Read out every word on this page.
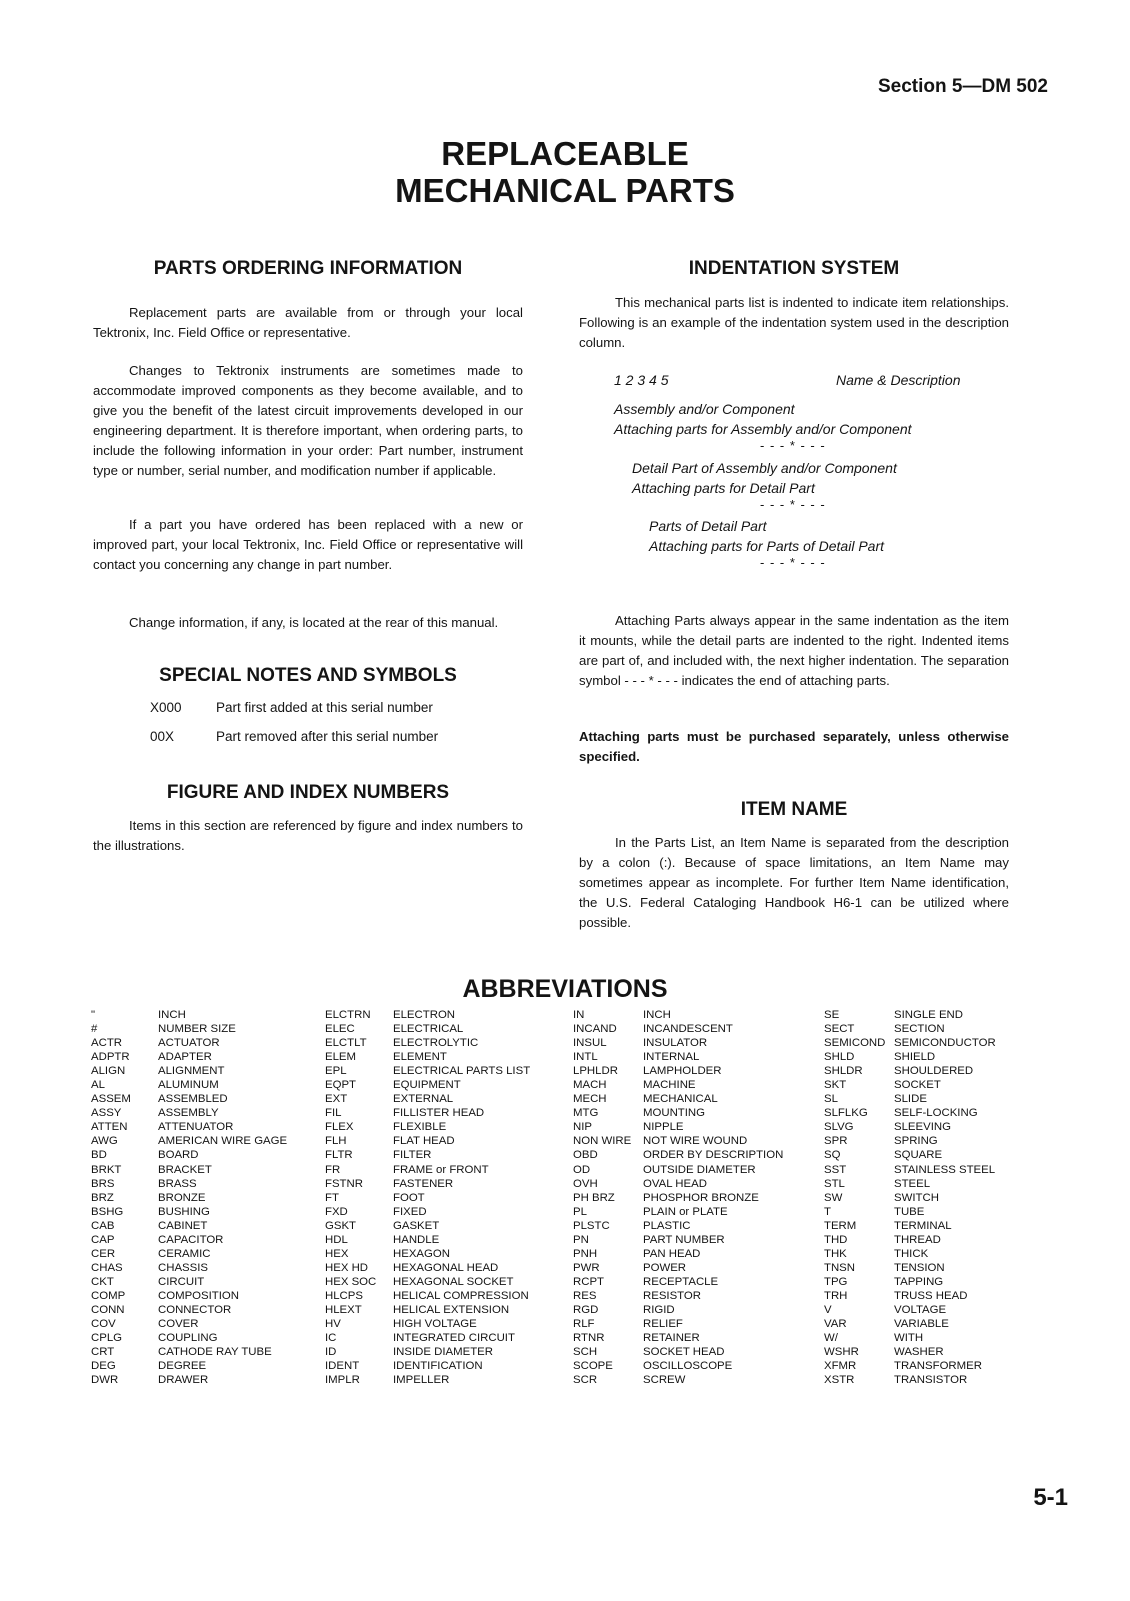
Section 5—DM 502
REPLACEABLE
MECHANICAL PARTS
PARTS ORDERING INFORMATION

Replacement parts are available from or through your local Tektronix, Inc. Field Office or representative.

Changes to Tektronix instruments are sometimes made to accommodate improved components as they become available, and to give you the benefit of the latest circuit improvements developed in our engineering department. It is therefore important, when ordering parts, to include the following information in your order: Part number, instrument type or number, serial number, and modification number if applicable.

If a part you have ordered has been replaced with a new or improved part, your local Tektronix, Inc. Field Office or representative will contact you concerning any change in part number.

Change information, if any, is located at the rear of this manual.

SPECIAL NOTES AND SYMBOLS
X000	Part first added at this serial number
00X	Part removed after this serial number
FIGURE AND INDEX NUMBERS

Items in this section are referenced by figure and index numbers to the illustrations.

INDENTATION SYSTEM

This mechanical parts list is indented to indicate item relationships. Following is an example of the indentation system used in the description column.

1 2 3 4 5	Name & Description
Assembly and/or Component
Attaching parts for Assembly and/or Component
- - - * - - -
Detail Part of Assembly and/or Component
Attaching parts for Detail Part
- - - * - - -
Parts of Detail Part
Attaching parts for Parts of Detail Part
- - - * - - -

Attaching Parts always appear in the same indentation as the item it mounts, while the detail parts are indented to the right. Indented items are part of, and included with, the next higher indentation. The separation symbol - - - * - - - indicates the end of attaching parts.

Attaching parts must be purchased separately, unless otherwise specified.

ITEM NAME

In the Parts List, an Item Name is separated from the description by a colon (:). Because of space limitations, an Item Name may sometimes appear as incomplete. For further Item Name identification, the U.S. Federal Cataloging Handbook H6-1 can be utilized where possible.

ABBREVIATIONS
"	INCH
#	NUMBER SIZE
ACTR	ACTUATOR
ADPTR	ADAPTER
ALIGN	ALIGNMENT
AL	ALUMINUM
ASSEM	ASSEMBLED
ASSY	ASSEMBLY
ATTEN	ATTENUATOR
AWG	AMERICAN WIRE GAGE
BD	BOARD
BRKT	BRACKET
BRS	BRASS
BRZ	BRONZE
BSHG	BUSHING
CAB	CABINET
CAP	CAPACITOR
CER	CERAMIC
CHAS	CHASSIS
CKT	CIRCUIT
COMP	COMPOSITION
CONN	CONNECTOR
COV	COVER
CPLG	COUPLING
CRT	CATHODE RAY TUBE
DEG	DEGREE
DWR	DRAWER
ELCTRN	ELECTRON
ELEC	ELECTRICAL
ELCTLT	ELECTROLYTIC
ELEM	ELEMENT
EPL	ELECTRICAL PARTS LIST
EQPT	EQUIPMENT
EXT	EXTERNAL
FIL	FILLISTER HEAD
FLEX	FLEXIBLE
FLH	FLAT HEAD
FLTR	FILTER
FR	FRAME or FRONT
FSTNR	FASTENER
FT	FOOT
FXD	FIXED
GSKT	GASKET
HDL	HANDLE
HEX	HEXAGON
HEX HD	HEXAGONAL HEAD
HEX SOC	HEXAGONAL SOCKET
HLCPS	HELICAL COMPRESSION
HLEXT	HELICAL EXTENSION
HV	HIGH VOLTAGE
IC	INTEGRATED CIRCUIT
ID	INSIDE DIAMETER
IDENT	IDENTIFICATION
IMPLR	IMPELLER
IN	INCH
INCAND	INCANDESCENT
INSUL	INSULATOR
INTL	INTERNAL
LPHLDR	LAMPHOLDER
MACH	MACHINE
MECH	MECHANICAL
MTG	MOUNTING
NIP	NIPPLE
NON WIRE	NOT WIRE WOUND
OBD	ORDER BY DESCRIPTION
OD	OUTSIDE DIAMETER
OVH	OVAL HEAD
PH BRZ	PHOSPHOR BRONZE
PL	PLAIN or PLATE
PLSTC	PLASTIC
PN	PART NUMBER
PNH	PAN HEAD
PWR	POWER
RCPT	RECEPTACLE
RES	RESISTOR
RGD	RIGID
RLF	RELIEF
RTNR	RETAINER
SCH	SOCKET HEAD
SCOPE	OSCILLOSCOPE
SCR	SCREW
SE	SINGLE END
SECT	SECTION
SEMICOND SEMICONDUCTOR
SHLD	SHIELD
SHLDR	SHOULDERED
SKT	SOCKET
SL	SLIDE
SLFLKG	SELF-LOCKING
SLVG	SLEEVING
SPR	SPRING
SQ	SQUARE
SST	STAINLESS STEEL
STL	STEEL
SW	SWITCH
T	TUBE
TERM	TERMINAL
THD	THREAD
THK	THICK
TNSN	TENSION
TPG	TAPPING
TRH	TRUSS HEAD
V	VOLTAGE
VAR	VARIABLE
W/	WITH
WSHR	WASHER
XFMR	TRANSFORMER
XSTR	TRANSISTOR
5-1
